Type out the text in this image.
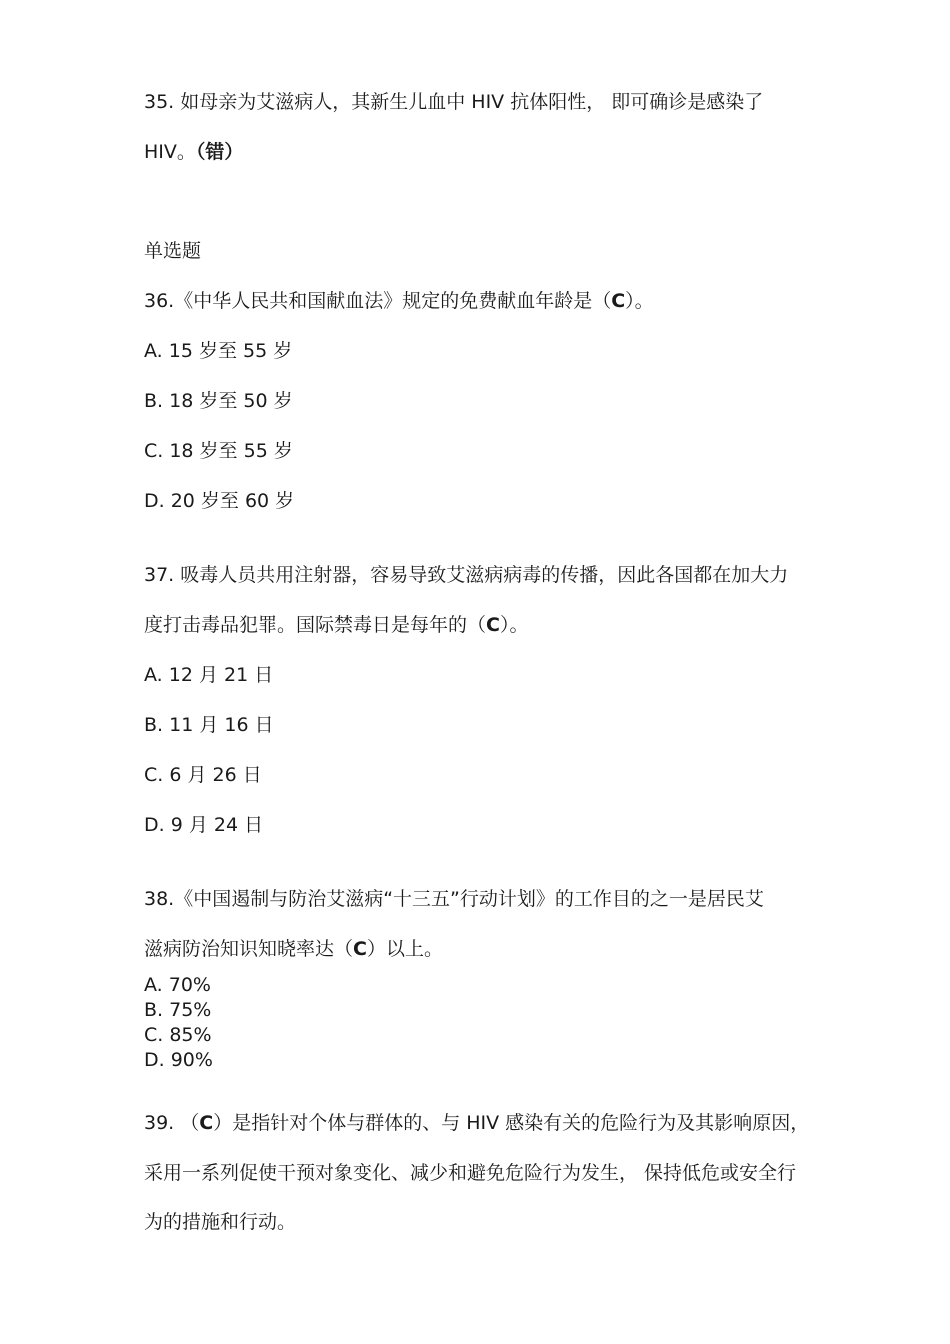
35. 如母亲为艾滋病人，其新生儿血中 HIV 抗体阳性， 即可确诊是感染了
HIV。（错）
单选题
36.《中华人民共和国献血法》规定的免费献血年龄是（C）。
A. 15 岁至 55 岁
B. 18 岁至 50 岁
C. 18 岁至 55 岁
D. 20 岁至 60 岁
37. 吸毒人员共用注射器，容易导致艾滋病病毒的传播，因此各国都在加大力
度打击毒品犯罪。国际禁毒日是每年的（C）。
A. 12 月 21 日
B. 11 月 16 日
C. 6 月 26 日
D. 9 月 24 日
38.《中国遏制与防治艾滋病“十三五”行动计划》的工作目的之一是居民艾
滋病防治知识知晓率达（C）以上。
A. 70%
B. 75%
C. 85%
D. 90%
39. （C）是指针对个体与群体的、与 HIV 感染有关的危险行为及其影响原因，
采用一系列促使干预对象变化、减少和避免危险行为发生， 保持低危或安全行
为的措施和行动。
